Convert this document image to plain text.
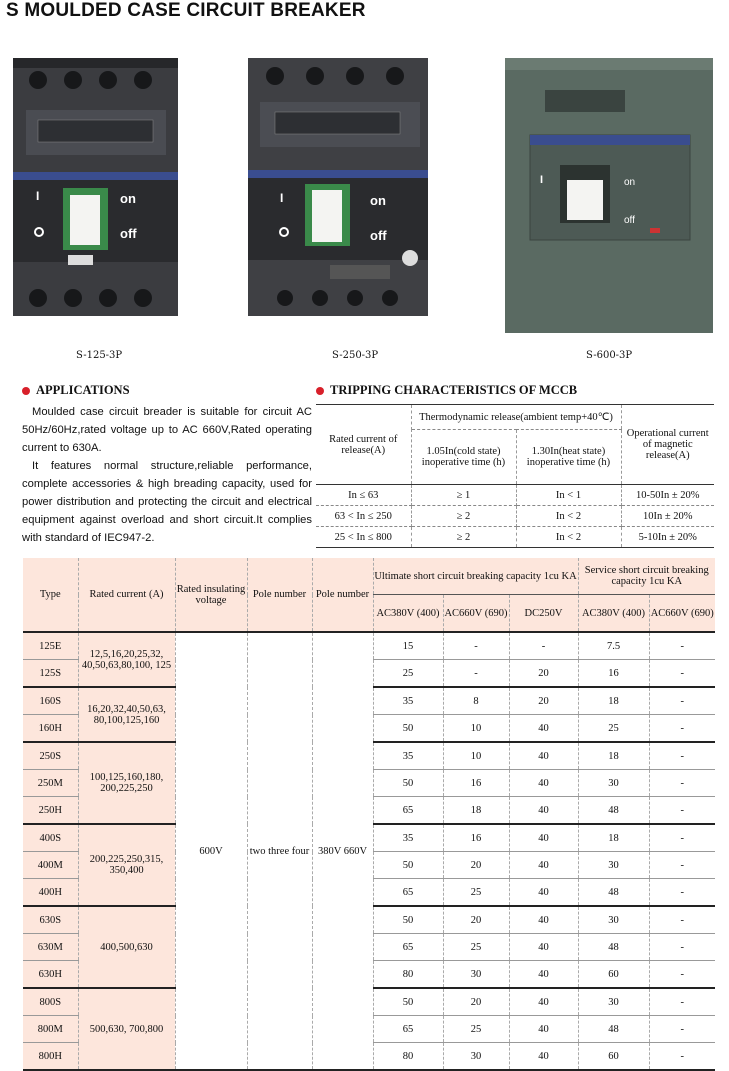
S MOULDED CASE CIRCUIT BREAKER
I	on
off
S-125-3P
I	on
off
S-250-3P
I	on
off
S-600-3P
APPLICATIONS

Moulded case circuit breader is suitable for circuit AC 50Hz/60Hz,rated voltage up to AC 660V,Rated operating current to 630A.

It features normal structure,reliable performance, complete accessories & high breading capacity, used for power distribution and protecting the circuit and electrical equipment against overload and short circuit.It complies with standard of IEC947-2.

TRIPPING CHARACTERISTICS OF MCCB
Rated current of release(A)	Thermodynamic release(ambient temp+40℃)		Operational current of magnetic release(A)
	1.05In(cold state) inoperative time (h)	1.30In(heat state) inoperative time (h)	
In ≤ 63	≥ 1	In < 1	10-50In ± 20%
63 < In ≤ 250	≥ 2	In < 2	10In ± 20%
25 < In ≤ 800	≥ 2	In < 2	5-10In ± 20%
Type	Rated current (A)	Rated insulating voltage	Pole number	Pole number	Ultimate short circuit breaking capacity 1cu KA			Service short circuit breaking capacity 1cu KA	
					AC380V (400)	AC660V (690)	DC250V	AC380V (400)	AC660V (690)
125E	12,5,16,20,25,32, 40,50,63,80,100, 125	600V	two three four	380V 660V	15	-	-	7.5	-
125S					25	-	20	16	-
160S	16,20,32,40,50,63, 80,100,125,160				35	8	20	18	-
160H					50	10	40	25	-
250S	100,125,160,180, 200,225,250				35	10	40	18	-
250M					50	16	40	30	-
250H					65	18	40	48	-
400S	200,225,250,315, 350,400				35	16	40	18	-
400M					50	20	40	30	-
400H					65	25	40	48	-
630S	400,500,630				50	20	40	30	-
630M					65	25	40	48	-
630H					80	30	40	60	-
800S	500,630, 700,800				50	20	40	30	-
800M					65	25	40	48	-
800H					80	30	40	60	-
